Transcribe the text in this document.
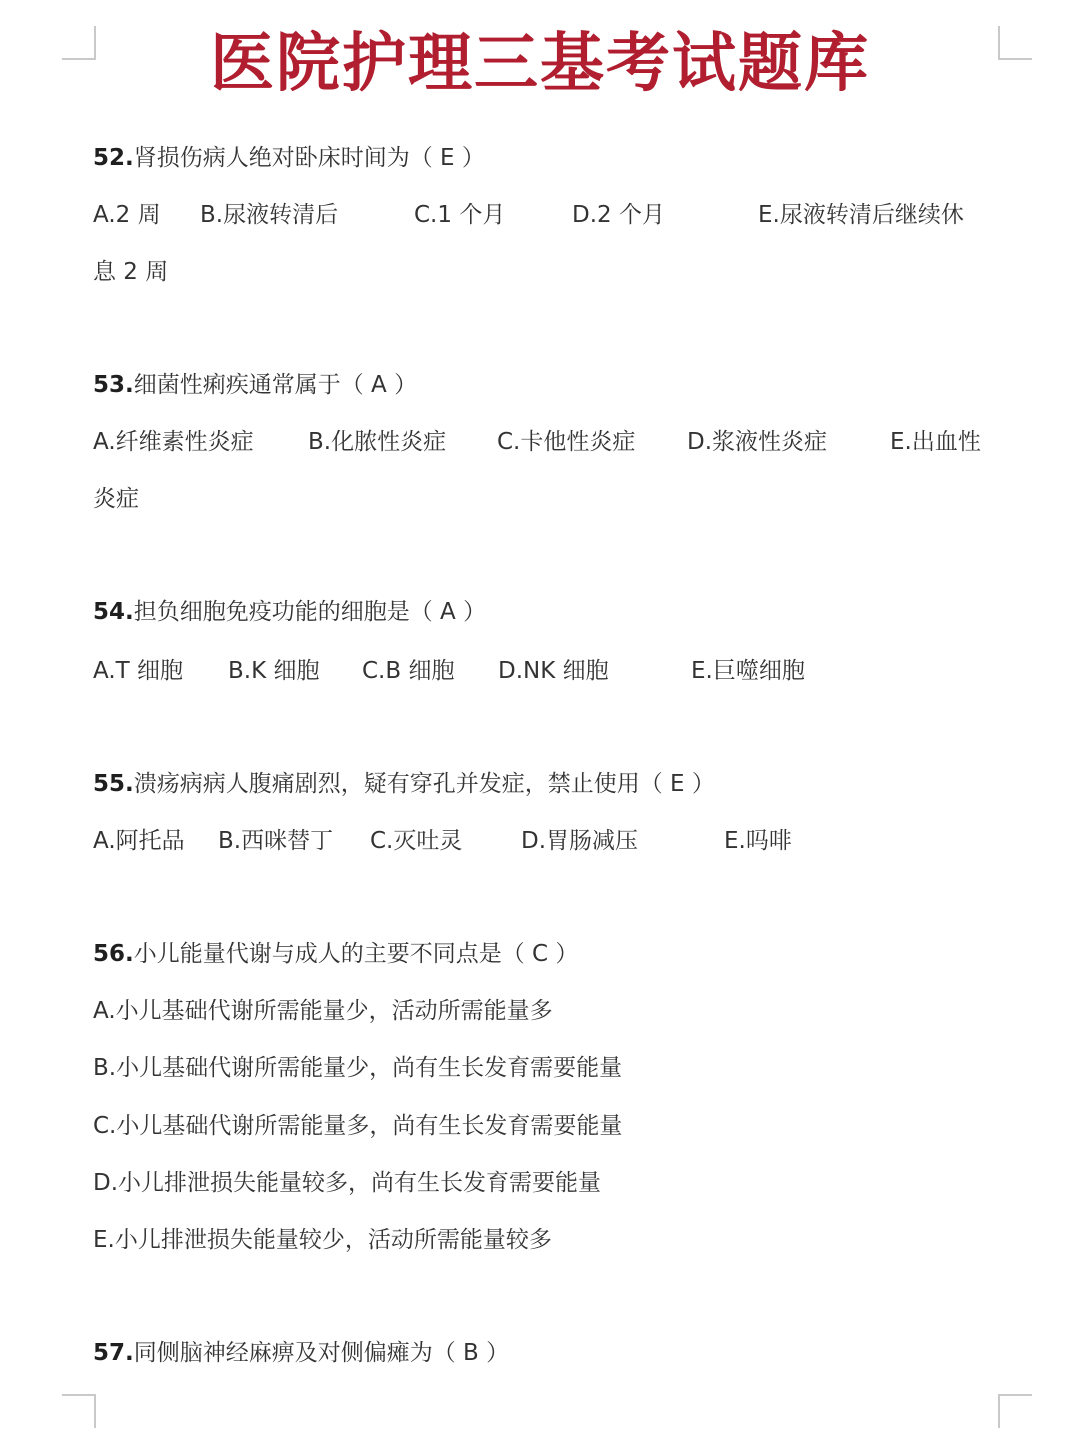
医院护理三基考试题库
52.肾损伤病人绝对卧床时间为（ E ）
A.2 周 B.尿液转清后	C.1 个月	D.2 个月	E.尿液转清后继续休
息 2 周
53.细菌性痢疾通常属于（ A ）
A.纤维素性炎症 B.化脓性炎症 C.卡他性炎症 D.浆液性炎症	E.出血性
炎症
54.担负细胞免疫功能的细胞是（ A ）
A.T 细胞 B.K 细胞 C.B 细胞 D.NK 细胞	E.巨噬细胞
55.溃疡病病人腹痛剧烈，疑有穿孔并发症，禁止使用（ E ）
A.阿托品 B.西咪替丁 C.灭吐灵	D.胃肠减压	E.吗啡
56.小儿能量代谢与成人的主要不同点是（ C ）
A.小儿基础代谢所需能量少，活动所需能量多
B.小儿基础代谢所需能量少，尚有生长发育需要能量
C.小儿基础代谢所需能量多，尚有生长发育需要能量
D.小儿排泄损失能量较多，尚有生长发育需要能量
E.小儿排泄损失能量较少，活动所需能量较多
57.同侧脑神经麻痹及对侧偏瘫为（ B ）
